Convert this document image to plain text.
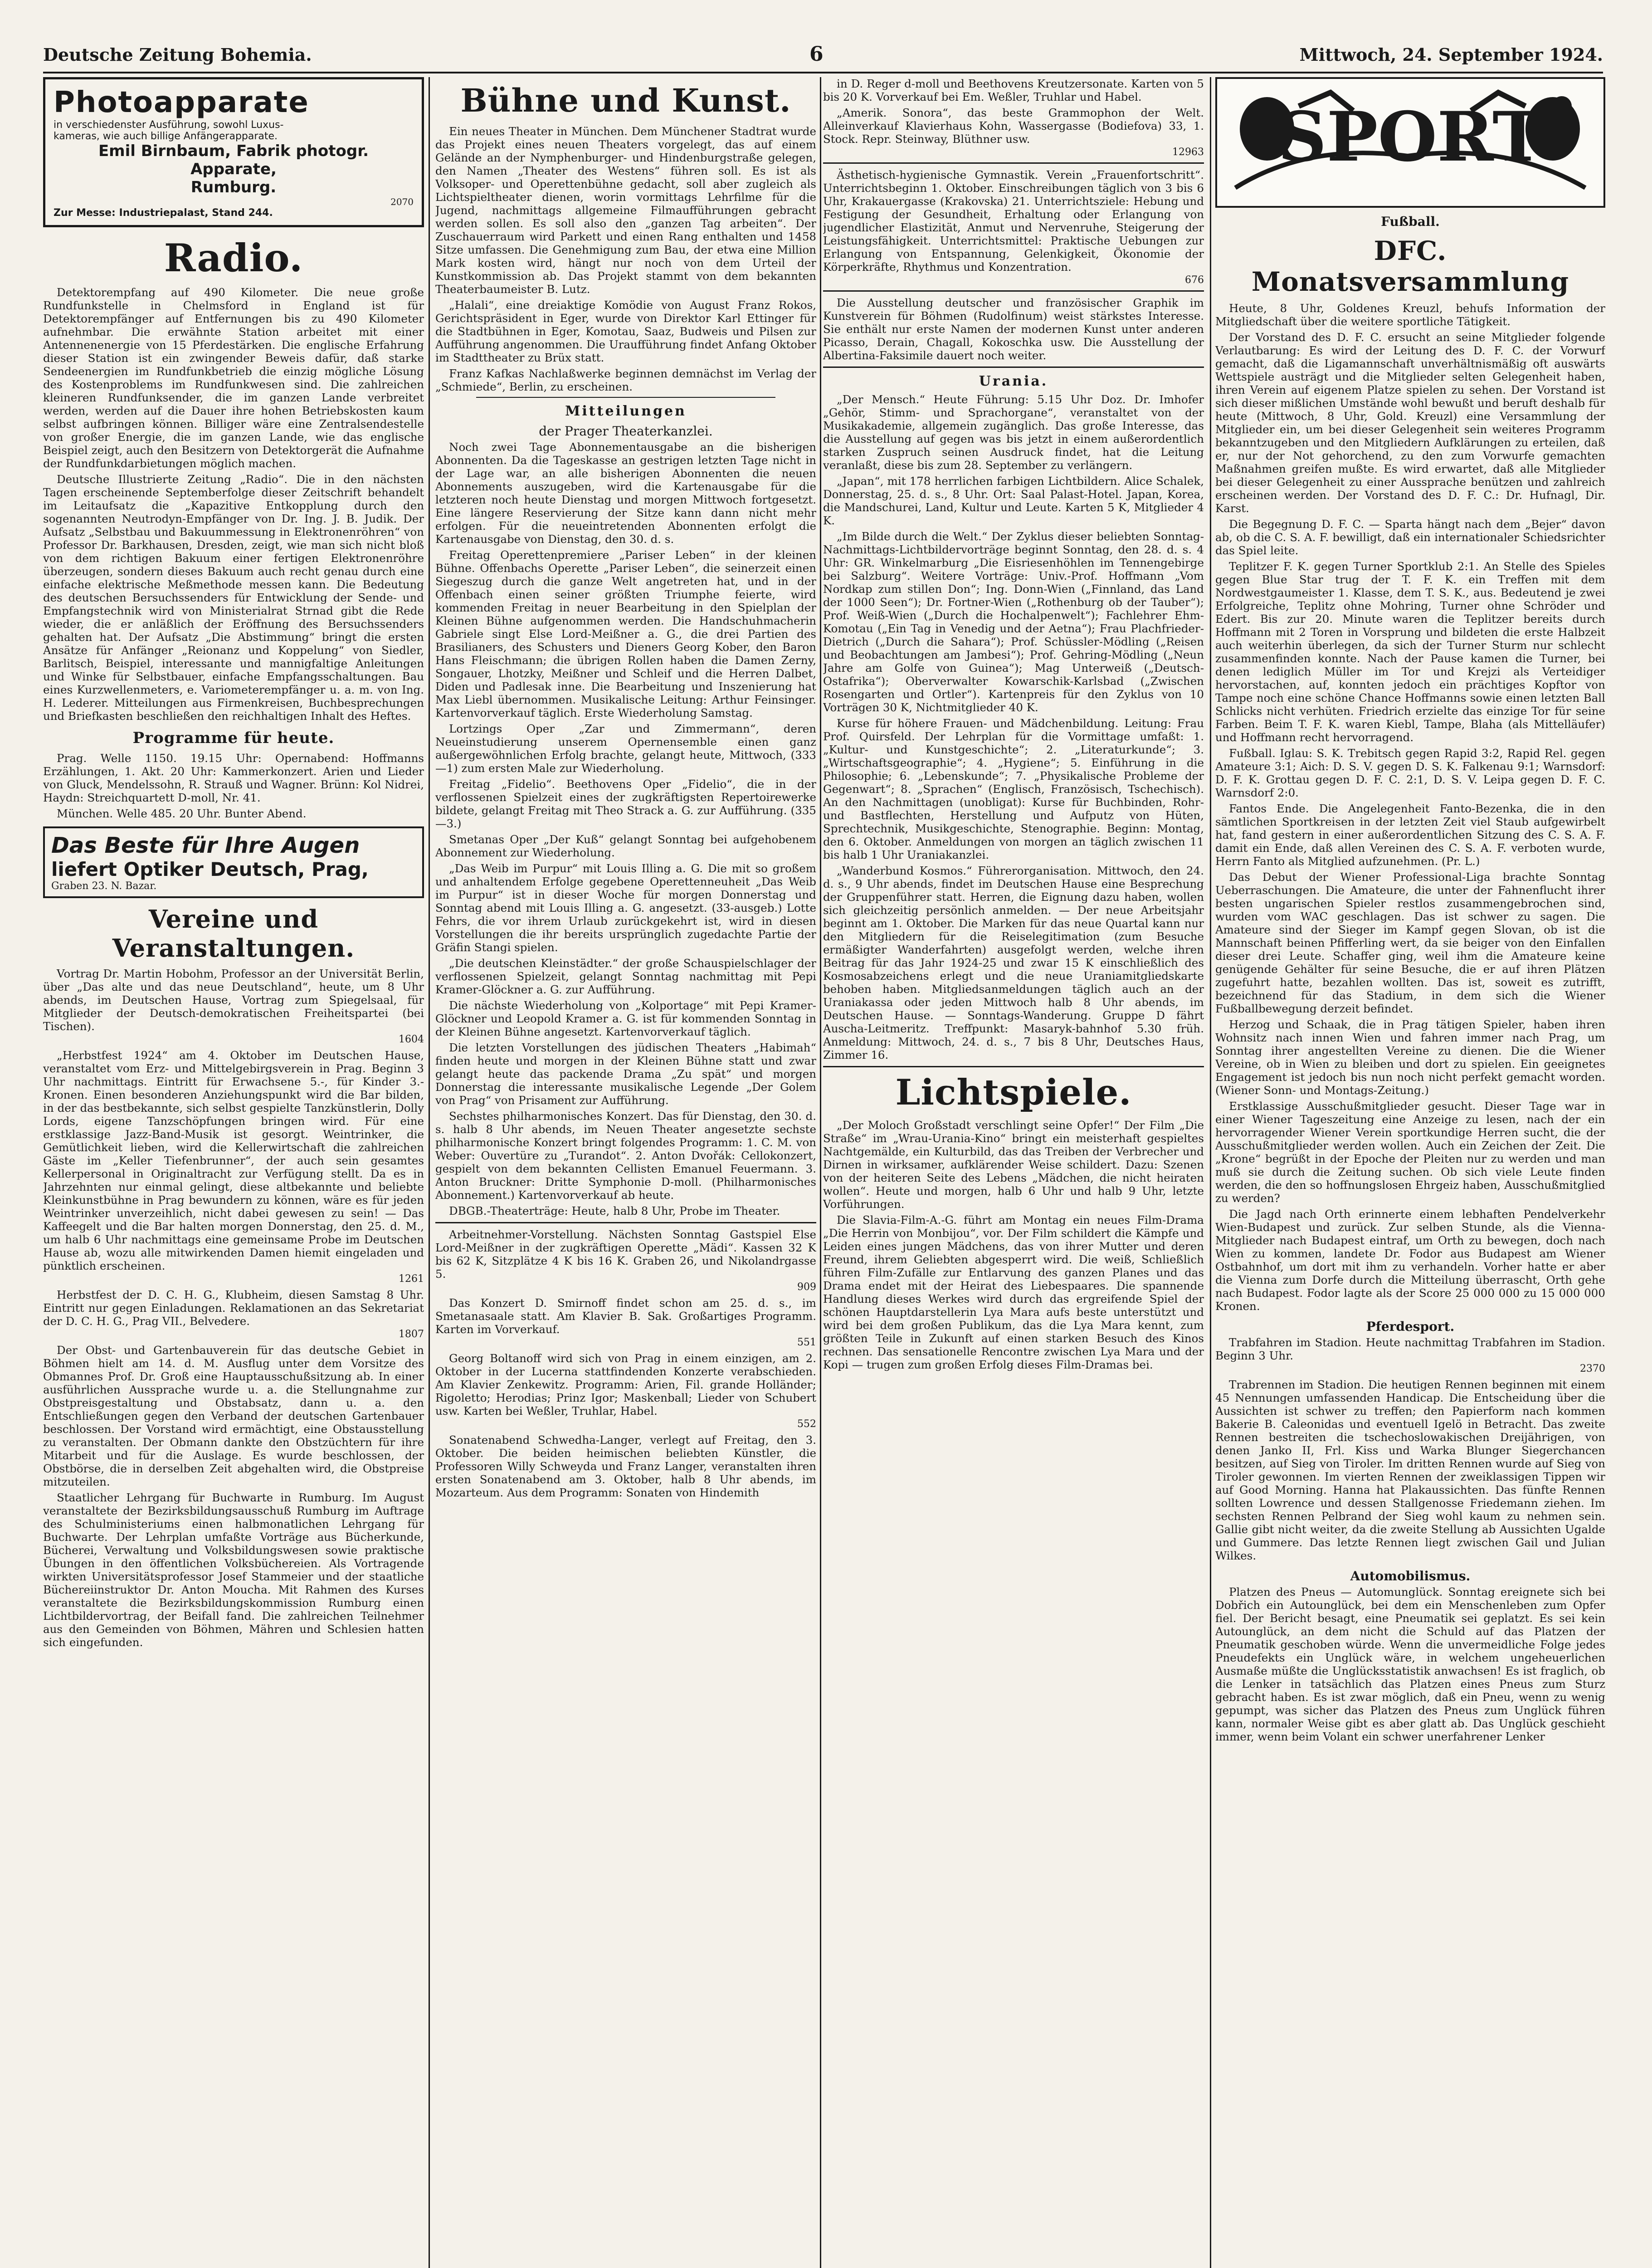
Deutsche Zeitung Bohemia.	6	Mittwoch, 24. September 1924.
Photoapparate
in verschiedenster Ausführung, sowohl Luxus-
kameras, wie auch billige Anfängerapparate.
Emil Birnbaum, Fabrik photogr. Apparate,
Rumburg.
2070
Zur Messe: Industriepalast, Stand 244.
Radio.

Detektorempfang auf 490 Kilometer. Die neue große Rundfunkstelle in Chelmsford in England ist für Detektorempfänger auf Entfernungen bis zu 490 Kilometer aufnehmbar. Die erwähnte Station arbeitet mit einer Antennenenergie von 15 Pferdestärken. Die englische Erfahrung dieser Station ist ein zwingender Beweis dafür, daß starke Sendeenergien im Rundfunkbetrieb die einzig mögliche Lösung des Kostenproblems im Rundfunkwesen sind. Die zahlreichen kleineren Rundfunksender, die im ganzen Lande verbreitet werden, werden auf die Dauer ihre hohen Betriebskosten kaum selbst aufbringen können. Billiger wäre eine Zentralsendestelle von großer Energie, die im ganzen Lande, wie das englische Beispiel zeigt, auch den Besitzern von Detektorgerät die Aufnahme der Rundfunkdarbietungen möglich machen.

Deutsche Illustrierte Zeitung „Radio“. Die in den nächsten Tagen erscheinende Septemberfolge dieser Zeitschrift behandelt im Leitaufsatz die „Kapazitive Entkopplung durch den sogenannten Neutrodyn-Empfänger von Dr. Ing. J. B. Judik. Der Aufsatz „Selbstbau und Bakuummessung in Elektronenröhren“ von Professor Dr. Barkhausen, Dresden, zeigt, wie man sich nicht bloß von dem richtigen Bakuum einer fertigen Elektronenröhre überzeugen, sondern dieses Bakuum auch recht genau durch eine einfache elektrische Meßmethode messen kann. Die Bedeutung des deutschen Bersuchssenders für Entwicklung der Sende- und Empfangstechnik wird von Ministerialrat Strnad gibt die Rede wieder, die er anläßlich der Eröffnung des Bersuchssenders gehalten hat. Der Aufsatz „Die Abstimmung“ bringt die ersten Ansätze für Anfänger „Reionanz und Koppelung“ von Siedler, Barlitsch, Beispiel, interessante und mannigfaltige Anleitungen und Winke für Selbstbauer, einfache Empfangsschaltungen. Bau eines Kurzwellenmeters, e. Variometerempfänger u. a. m. von Ing. H. Lederer. Mitteilungen aus Firmenkreisen, Buchbesprechungen und Briefkasten beschließen den reichhaltigen Inhalt des Heftes.

Programme für heute.

Prag. Welle 1150. 19.15 Uhr: Opernabend: Hoffmanns Erzählungen, 1. Akt. 20 Uhr: Kammerkonzert. Arien und Lieder von Gluck, Mendelssohn, R. Strauß und Wagner. Brünn: Kol Nidrei, Haydn: Streichquartett D-moll, Nr. 41.

München. Welle 485. 20 Uhr. Bunter Abend.

Das Beste für Ihre Augen
liefert Optiker Deutsch, Prag,
Graben 23. N. Bazar.
Vereine und Veranstaltungen.

Vortrag Dr. Martin Hobohm, Professor an der Universität Berlin, über „Das alte und das neue Deutschland“, heute, um 8 Uhr abends, im Deutschen Hause, Vortrag zum Spiegelsaal, für Mitglieder der Deutsch-demokratischen Freiheitspartei (bei Tischen).

1604

„Herbstfest 1924“ am 4. Oktober im Deutschen Hause, veranstaltet vom Erz- und Mittelgebirgsverein in Prag. Beginn 3 Uhr nachmittags. Eintritt für Erwachsene 5.-, für Kinder 3.- Kronen. Einen besonderen Anziehungspunkt wird die Bar bilden, in der das bestbekannte, sich selbst gespielte Tanzkünstlerin, Dolly Lords, eigene Tanzschöpfungen bringen wird. Für eine erstklassige Jazz-Band-Musik ist gesorgt. Weintrinker, die Gemütlichkeit lieben, wird die Kellerwirtschaft die zahlreichen Gäste im „Keller Tiefenbrunner“, der auch sein gesamtes Kellerpersonal in Originaltracht zur Verfügung stellt. Da es in Jahrzehnten nur einmal gelingt, diese altbekannte und beliebte Kleinkunstbühne in Prag bewundern zu können, wäre es für jeden Weintrinker unverzeihlich, nicht dabei gewesen zu sein! — Das Kaffeegelt und die Bar halten morgen Donnerstag, den 25. d. M., um halb 6 Uhr nachmittags eine gemeinsame Probe im Deutschen Hause ab, wozu alle mitwirkenden Damen hiemit eingeladen und pünktlich erscheinen.

1261

Herbstfest der D. C. H. G., Klubheim, diesen Samstag 8 Uhr. Eintritt nur gegen Einladungen. Reklamationen an das Sekretariat der D. C. H. G., Prag VII., Belvedere.

1807

Der Obst- und Gartenbauverein für das deutsche Gebiet in Böhmen hielt am 14. d. M. Ausflug unter dem Vorsitze des Obmannes Prof. Dr. Groß eine Hauptausschußsitzung ab. In einer ausführlichen Aussprache wurde u. a. die Stellungnahme zur Obstpreisgestaltung und Obstabsatz, dann u. a. den Entschließungen gegen den Verband der deutschen Gartenbauer beschlossen. Der Vorstand wird ermächtigt, eine Obstausstellung zu veranstalten. Der Obmann dankte den Obstzüchtern für ihre Mitarbeit und für die Auslage. Es wurde beschlossen, der Obstbörse, die in derselben Zeit abgehalten wird, die Obstpreise mitzuteilen.

Staatlicher Lehrgang für Buchwarte in Rumburg. Im August veranstaltete der Bezirksbildungsausschuß Rumburg im Auftrage des Schulministeriums einen halbmonatlichen Lehrgang für Buchwarte. Der Lehrplan umfaßte Vorträge aus Bücherkunde, Bücherei, Verwaltung und Volksbildungswesen sowie praktische Übungen in den öffentlichen Volksbüchereien. Als Vortragende wirkten Universitätsprofessor Josef Stammeier und der staatliche Büchereiinstruktor Dr. Anton Moucha. Mit Rahmen des Kurses veranstaltete die Bezirksbildungskommission Rumburg einen Lichtbildervortrag, der Beifall fand. Die zahlreichen Teilnehmer aus den Gemeinden von Böhmen, Mähren und Schlesien hatten sich eingefunden.

Bühne und Kunst.

Ein neues Theater in München. Dem Münchener Stadtrat wurde das Projekt eines neuen Theaters vorgelegt, das auf einem Gelände an der Nymphenburger- und Hindenburgstraße gelegen, den Namen „Theater des Westens“ führen soll. Es ist als Volksoper- und Operettenbühne gedacht, soll aber zugleich als Lichtspieltheater dienen, worin vormittags Lehrfilme für die Jugend, nachmittags allgemeine Filmaufführungen gebracht werden sollen. Es soll also den „ganzen Tag arbeiten“. Der Zuschauerraum wird Parkett und einen Rang enthalten und 1458 Sitze umfassen. Die Genehmigung zum Bau, der etwa eine Million Mark kosten wird, hängt nur noch von dem Urteil der Kunstkommission ab. Das Projekt stammt von dem bekannten Theaterbaumeister B. Lutz.

„Halali“, eine dreiaktige Komödie von August Franz Rokos, Gerichtspräsident in Eger, wurde von Direktor Karl Ettinger für die Stadtbühnen in Eger, Komotau, Saaz, Budweis und Pilsen zur Aufführung angenommen. Die Uraufführung findet Anfang Oktober im Stadttheater zu Brüx statt.

Franz Kafkas Nachlaßwerke beginnen demnächst im Verlag der „Schmiede“, Berlin, zu erscheinen.

Mitteilungen
der Prager Theaterkanzlei.

Noch zwei Tage Abonnementausgabe an die bisherigen Abonnenten. Da die Tageskasse an gestrigen letzten Tage nicht in der Lage war, an alle bisherigen Abonnenten die neuen Abonnements auszugeben, wird die Kartenausgabe für die letzteren noch heute Dienstag und morgen Mittwoch fortgesetzt. Eine längere Reservierung der Sitze kann dann nicht mehr erfolgen. Für die neueintretenden Abonnenten erfolgt die Kartenausgabe von Dienstag, den 30. d. s.

Freitag Operettenpremiere „Pariser Leben“ in der kleinen Bühne. Offenbachs Operette „Pariser Leben“, die seinerzeit einen Siegeszug durch die ganze Welt angetreten hat, und in der Offenbach einen seiner größten Triumphe feierte, wird kommenden Freitag in neuer Bearbeitung in den Spielplan der Kleinen Bühne aufgenommen werden. Die Handschuhmacherin Gabriele singt Else Lord-Meißner a. G., die drei Partien des Brasilianers, des Schusters und Dieners Georg Kober, den Baron Hans Fleischmann; die übrigen Rollen haben die Damen Zerny, Songauer, Lhotzky, Meißner und Schleif und die Herren Dalbet, Diden und Padlesak inne. Die Bearbeitung und Inszenierung hat Max Liebl übernommen. Musikalische Leitung: Arthur Feinsinger. Kartenvorverkauf täglich. Erste Wiederholung Samstag.

Lortzings Oper „Zar und Zimmermann“, deren Neueinstudierung unserem Opernensemble einen ganz außergewöhnlichen Erfolg brachte, gelangt heute, Mittwoch, (333—1) zum ersten Male zur Wiederholung.

Freitag „Fidelio“. Beethovens Oper „Fidelio“, die in der verflossenen Spielzeit eines der zugkräftigsten Repertoirewerke bildete, gelangt Freitag mit Theo Strack a. G. zur Aufführung. (335—3.)

Smetanas Oper „Der Kuß“ gelangt Sonntag bei aufgehobenem Abonnement zur Wiederholung.

„Das Weib im Purpur“ mit Louis Illing a. G. Die mit so großem und anhaltendem Erfolge gegebene Operettenneuheit „Das Weib im Purpur“ ist in dieser Woche für morgen Donnerstag und Sonntag abend mit Louis Illing a. G. angesetzt. (33-ausgeb.) Lotte Fehrs, die vor ihrem Urlaub zurückgekehrt ist, wird in diesen Vorstellungen die ihr bereits ursprünglich zugedachte Partie der Gräfin Stangi spielen.

„Die deutschen Kleinstädter.“ der große Schauspielschlager der verflossenen Spielzeit, gelangt Sonntag nachmittag mit Pepi Kramer-Glöckner a. G. zur Aufführung.

Die nächste Wiederholung von „Kolportage“ mit Pepi Kramer-Glöckner und Leopold Kramer a. G. ist für kommenden Sonntag in der Kleinen Bühne angesetzt. Kartenvorverkauf täglich.

Die letzten Vorstellungen des jüdischen Theaters „Habimah“ finden heute und morgen in der Kleinen Bühne statt und zwar gelangt heute das packende Drama „Zu spät“ und morgen Donnerstag die interessante musikalische Legende „Der Golem von Prag“ von Prisament zur Aufführung.

Sechstes philharmonisches Konzert. Das für Dienstag, den 30. d. s. halb 8 Uhr abends, im Neuen Theater angesetzte sechste philharmonische Konzert bringt folgendes Programm: 1. C. M. von Weber: Ouvertüre zu „Turandot“. 2. Anton Dvořák: Cellokonzert, gespielt von dem bekannten Cellisten Emanuel Feuermann. 3. Anton Bruckner: Dritte Symphonie D-moll. (Philharmonisches Abonnement.) Kartenvorverkauf ab heute.

DBGB.-Theaterträge: Heute, halb 8 Uhr, Probe im Theater.

Arbeitnehmer-Vorstellung. Nächsten Sonntag Gastspiel Else Lord-Meißner in der zugkräftigen Operette „Mädi“. Kassen 32 K bis 62 K, Sitzplätze 4 K bis 16 K. Graben 26, und Nikolandrgasse 5.

909

Das Konzert D. Smirnoff findet schon am 25. d. s., im Smetanasaale statt. Am Klavier B. Sak. Großartiges Programm. Karten im Vorverkauf.

551

Georg Boltanoff wird sich von Prag in einem einzigen, am 2. Oktober in der Lucerna stattfindenden Konzerte verabschieden. Am Klavier Zenkewitz. Programm: Arien, Fil. grande Holländer; Rigoletto; Herodias; Prinz Igor; Maskenball; Lieder von Schubert usw. Karten bei Weßler, Truhlar, Habel.

552

Sonatenabend Schwedha-Langer, verlegt auf Freitag, den 3. Oktober. Die beiden heimischen beliebten Künstler, die Professoren Willy Schweyda und Franz Langer, veranstalten ihren ersten Sonatenabend am 3. Oktober, halb 8 Uhr abends, im Mozarteum. Aus dem Programm: Sonaten von Hindemith

in D. Reger d-moll und Beethovens Kreutzersonate. Karten von 5 bis 20 K. Vorverkauf bei Em. Weßler, Truhlar und Habel.

„Amerik. Sonora“, das beste Grammophon der Welt. Alleinverkauf Klavierhaus Kohn, Wassergasse (Bodiefova) 33, 1. Stock. Repr. Steinway, Blüthner usw.

12963

Ästhetisch-hygienische Gymnastik. Verein „Frauenfortschritt“. Unterrichtsbeginn 1. Oktober. Einschreibungen täglich von 3 bis 6 Uhr, Krakauergasse (Krakovska) 21. Unterrichtsziele: Hebung und Festigung der Gesundheit, Erhaltung oder Erlangung von jugendlicher Elastizität, Anmut und Nervenruhe, Steigerung der Leistungsfähigkeit. Unterrichtsmittel: Praktische Uebungen zur Erlangung von Entspannung, Gelenkigkeit, Ökonomie der Körperkräfte, Rhythmus und Konzentration.

676

Die Ausstellung deutscher und französischer Graphik im Kunstverein für Böhmen (Rudolfinum) weist stärkstes Interesse. Sie enthält nur erste Namen der modernen Kunst unter anderen Picasso, Derain, Chagall, Kokoschka usw. Die Ausstellung der Albertina-Faksimile dauert noch weiter.

Urania.

„Der Mensch.“ Heute Führung: 5.15 Uhr Doz. Dr. Imhofer „Gehör, Stimm- und Sprachorgane“, veranstaltet von der Musikakademie, allgemein zugänglich. Das große Interesse, das die Ausstellung auf gegen was bis jetzt in einem außerordentlich starken Zuspruch seinen Ausdruck findet, hat die Leitung veranlaßt, diese bis zum 28. September zu verlängern.

„Japan“, mit 178 herrlichen farbigen Lichtbildern. Alice Schalek, Donnerstag, 25. d. s., 8 Uhr. Ort: Saal Palast-Hotel. Japan, Korea, die Mandschurei, Land, Kultur und Leute. Karten 5 K, Mitglieder 4 K.

„Im Bilde durch die Welt.“ Der Zyklus dieser beliebten Sonntag-Nachmittags-Lichtbildervorträge beginnt Sonntag, den 28. d. s. 4 Uhr: GR. Winkelmarburg „Die Eisriesenhöhlen im Tennengebirge bei Salzburg“. Weitere Vorträge: Univ.-Prof. Hoffmann „Vom Nordkap zum stillen Don“; Ing. Donn-Wien („Finnland, das Land der 1000 Seen“); Dr. Fortner-Wien („Rothenburg ob der Tauber“); Prof. Weiß-Wien („Durch die Hochalpenwelt“); Fachlehrer Ehm-Komotau („Ein Tag in Venedig und der Aetna“); Frau Plachfrieder-Dietrich („Durch die Sahara“); Prof. Schüssler-Mödling („Reisen und Beobachtungen am Jambesi“); Prof. Gehring-Mödling („Neun Jahre am Golfe von Guinea“); Mag Unterweiß („Deutsch-Ostafrika“); Oberverwalter Kowarschik-Karlsbad („Zwischen Rosengarten und Ortler“). Kartenpreis für den Zyklus von 10 Vorträgen 30 K, Nichtmitglieder 40 K.

Kurse für höhere Frauen- und Mädchenbildung. Leitung: Frau Prof. Quirsfeld. Der Lehrplan für die Vormittage umfaßt: 1. „Kultur- und Kunstgeschichte“; 2. „Literaturkunde“; 3. „Wirtschaftsgeographie“; 4. „Hygiene“; 5. Einführung in die Philosophie; 6. „Lebenskunde“; 7. „Physikalische Probleme der Gegenwart“; 8. „Sprachen“ (Englisch, Französisch, Tschechisch). An den Nachmittagen (unobligat): Kurse für Buchbinden, Rohr- und Bastflechten, Herstellung und Aufputz von Hüten, Sprechtechnik, Musikgeschichte, Stenographie. Beginn: Montag, den 6. Oktober. Anmeldungen von morgen an täglich zwischen 11 bis halb 1 Uhr Uraniakanzlei.

„Wanderbund Kosmos.“ Führerorganisation. Mittwoch, den 24. d. s., 9 Uhr abends, findet im Deutschen Hause eine Besprechung der Gruppenführer statt. Herren, die Eignung dazu haben, wollen sich gleichzeitig persönlich anmelden. — Der neue Arbeitsjahr beginnt am 1. Oktober. Die Marken für das neue Quartal kann nur den Mitgliedern für die Reiselegitimation (zum Besuche ermäßigter Wanderfahrten) ausgefolgt werden, welche ihren Beitrag für das Jahr 1924-25 und zwar 15 K einschließlich des Kosmosabzeichens erlegt und die neue Uraniamitgliedskarte behoben haben. Mitgliedsanmeldungen täglich auch an der Uraniakassa oder jeden Mittwoch halb 8 Uhr abends, im Deutschen Hause. — Sonntags-Wanderung. Gruppe D fährt Auscha-Leitmeritz. Treffpunkt: Masaryk-bahnhof 5.30 früh. Anmeldung: Mittwoch, 24. d. s., 7 bis 8 Uhr, Deutsches Haus, Zimmer 16.

Lichtspiele.

„Der Moloch Großstadt verschlingt seine Opfer!“ Der Film „Die Straße“ im „Wrau-Urania-Kino“ bringt ein meisterhaft gespieltes Nachtgemälde, ein Kulturbild, das das Treiben der Verbrecher und Dirnen in wirksamer, aufklärender Weise schildert. Dazu: Szenen von der heiteren Seite des Lebens „Mädchen, die nicht heiraten wollen“. Heute und morgen, halb 6 Uhr und halb 9 Uhr, letzte Vorführungen.

Die Slavia-Film-A.-G. führt am Montag ein neues Film-Drama „Die Herrin von Monbijou“, vor. Der Film schildert die Kämpfe und Leiden eines jungen Mädchens, das von ihrer Mutter und deren Freund, ihrem Geliebten abgesperrt wird. Die weiß, Schließlich führen Film-Zufälle zur Entlarvung des ganzen Planes und das Drama endet mit der Heirat des Liebespaares. Die spannende Handlung dieses Werkes wird durch das ergreifende Spiel der schönen Hauptdarstellerin Lya Mara aufs beste unterstützt und wird bei dem großen Publikum, das die Lya Mara kennt, zum größten Teile in Zukunft auf einen starken Besuch des Kinos rechnen. Das sensationelle Rencontre zwischen Lya Mara und der Kopi — trugen zum großen Erfolg dieses Film-Dramas bei.

SPORT
Fußball.
DFC. Monatsversammlung

Heute, 8 Uhr, Goldenes Kreuzl, behufs Information der Mitgliedschaft über die weitere sportliche Tätigkeit.

Der Vorstand des D. F. C. ersucht an seine Mitglieder folgende Verlautbarung: Es wird der Leitung des D. F. C. der Vorwurf gemacht, daß die Ligamannschaft unverhältnismäßig oft auswärts Wettspiele austrägt und die Mitglieder selten Gelegenheit haben, ihren Verein auf eigenem Platze spielen zu sehen. Der Vorstand ist sich dieser mißlichen Umstände wohl bewußt und beruft deshalb für heute (Mittwoch, 8 Uhr, Gold. Kreuzl) eine Versammlung der Mitglieder ein, um bei dieser Gelegenheit sein weiteres Programm bekanntzugeben und den Mitgliedern Aufklärungen zu erteilen, daß er, nur der Not gehorchend, zu den zum Vorwurfe gemachten Maßnahmen greifen mußte. Es wird erwartet, daß alle Mitglieder bei dieser Gelegenheit zu einer Aussprache benützen und zahlreich erscheinen werden. Der Vorstand des D. F. C.: Dr. Hufnagl, Dir. Karst.

Die Begegnung D. F. C. — Sparta hängt nach dem „Bejer“ davon ab, ob die C. S. A. F. bewilligt, daß ein internationaler Schiedsrichter das Spiel leite.

Teplitzer F. K. gegen Turner Sportklub 2:1. An Stelle des Spieles gegen Blue Star trug der T. F. K. ein Treffen mit dem Nordwestgaumeister 1. Klasse, dem T. S. K., aus. Bedeutend je zwei Erfolgreiche, Teplitz ohne Mohring, Turner ohne Schröder und Edert. Bis zur 20. Minute waren die Teplitzer bereits durch Hoffmann mit 2 Toren in Vorsprung und bildeten die erste Halbzeit auch weiterhin überlegen, da sich der Turner Sturm nur schlecht zusammenfinden konnte. Nach der Pause kamen die Turner, bei denen lediglich Müller im Tor und Krejzi als Verteidiger hervorstachen, auf, konnten jedoch ein prächtiges Kopftor von Tampe noch eine schöne Chance Hoffmanns sowie einen letzten Ball Schlicks nicht verhüten. Friedrich erzielte das einzige Tor für seine Farben. Beim T. F. K. waren Kiebl, Tampe, Blaha (als Mittelläufer) und Hoffmann recht hervorragend.

Fußball. Iglau: S. K. Trebitsch gegen Rapid 3:2, Rapid Rel. gegen Amateure 3:1; Aich: D. S. V. gegen D. S. K. Falkenau 9:1; Warnsdorf: D. F. K. Grottau gegen D. F. C. 2:1, D. S. V. Leipa gegen D. F. C. Warnsdorf 2:0.

Fantos Ende. Die Angelegenheit Fanto-Bezenka, die in den sämtlichen Sportkreisen in der letzten Zeit viel Staub aufgewirbelt hat, fand gestern in einer außerordentlichen Sitzung des C. S. A. F. damit ein Ende, daß allen Vereinen des C. S. A. F. verboten wurde, Herrn Fanto als Mitglied aufzunehmen. (Pr. L.)

Das Debut der Wiener Professional-Liga brachte Sonntag Ueberraschungen. Die Amateure, die unter der Fahnenflucht ihrer besten ungarischen Spieler restlos zusammengebrochen sind, wurden vom WAC geschlagen. Das ist schwer zu sagen. Die Amateure sind der Sieger im Kampf gegen Slovan, ob ist die Mannschaft beinen Pfifferling wert, da sie beiger von den Einfallen dieser drei Leute. Schaffer ging, weil ihm die Amateure keine genügende Gehälter für seine Besuche, die er auf ihren Plätzen zugefuhrt hatte, bezahlen wollten. Das ist, soweit es zutrifft, bezeichnend für das Stadium, in dem sich die Wiener Fußballbewegung derzeit befindet.

Herzog und Schaak, die in Prag tätigen Spieler, haben ihren Wohnsitz nach innen Wien und fahren immer nach Prag, um Sonntag ihrer angestellten Vereine zu dienen. Die die Wiener Vereine, ob in Wien zu bleiben und dort zu spielen. Ein geeignetes Engagement ist jedoch bis nun noch nicht perfekt gemacht worden. (Wiener Sonn- und Montags-Zeitung.)

Erstklassige Ausschußmitglieder gesucht. Dieser Tage war in einer Wiener Tageszeitung eine Anzeige zu lesen, nach der ein hervorragender Wiener Verein sportkundige Herren sucht, die der Ausschußmitglieder werden wollen. Auch ein Zeichen der Zeit. Die „Krone“ begrüßt in der Epoche der Pleiten nur zu werden und man muß sie durch die Zeitung suchen. Ob sich viele Leute finden werden, die den so hoffnungslosen Ehrgeiz haben, Ausschußmitglied zu werden?

Die Jagd nach Orth erinnerte einem lebhaften Pendelverkehr Wien-Budapest und zurück. Zur selben Stunde, als die Vienna-Mitglieder nach Budapest eintraf, um Orth zu bewegen, doch nach Wien zu kommen, landete Dr. Fodor aus Budapest am Wiener Ostbahnhof, um dort mit ihm zu verhandeln. Vorher hatte er aber die Vienna zum Dorfe durch die Mitteilung überrascht, Orth gehe nach Budapest. Fodor lagte als der Score 25 000 000 zu 15 000 000 Kronen.

Pferdesport.

Trabfahren im Stadion. Heute nachmittag Trabfahren im Stadion. Beginn 3 Uhr.

2370

Trabrennen im Stadion. Die heutigen Rennen beginnen mit einem 45 Nennungen umfassenden Handicap. Die Entscheidung über die Aussichten ist schwer zu treffen; den Papierform nach kommen Bakerie B. Caleonidas und eventuell Igelö in Betracht. Das zweite Rennen bestreiten die tschechoslowakischen Dreijährigen, von denen Janko II, Frl. Kiss und Warka Blunger Siegerchancen besitzen, auf Sieg von Tiroler. Im dritten Rennen wurde auf Sieg von Tiroler gewonnen. Im vierten Rennen der zweiklassigen Tippen wir auf Good Morning. Hanna hat Plakaussichten. Das fünfte Rennen sollten Lowrence und dessen Stallgenosse Friedemann ziehen. Im sechsten Rennen Pelbrand der Sieg wohl kaum zu nehmen sein. Gallie gibt nicht weiter, da die zweite Stellung ab Aussichten Ugalde und Gummere. Das letzte Rennen liegt zwischen Gail und Julian Wilkes.

Automobilismus.

Platzen des Pneus — Automunglück. Sonntag ereignete sich bei Dobřich ein Autounglück, bei dem ein Menschenleben zum Opfer fiel. Der Bericht besagt, eine Pneumatik sei geplatzt. Es sei kein Autounglück, an dem nicht die Schuld auf das Platzen der Pneumatik geschoben würde. Wenn die unvermeidliche Folge jedes Pneudefekts ein Unglück wäre, in welchem ungeheuerlichen Ausmaße müßte die Unglücksstatistik anwachsen! Es ist fraglich, ob die Lenker in tatsächlich das Platzen eines Pneus zum Sturz gebracht haben. Es ist zwar möglich, daß ein Pneu, wenn zu wenig gepumpt, was sicher das Platzen des Pneus zum Unglück führen kann, normaler Weise gibt es aber glatt ab. Das Unglück geschieht immer, wenn beim Volant ein schwer unerfahrener Lenker
